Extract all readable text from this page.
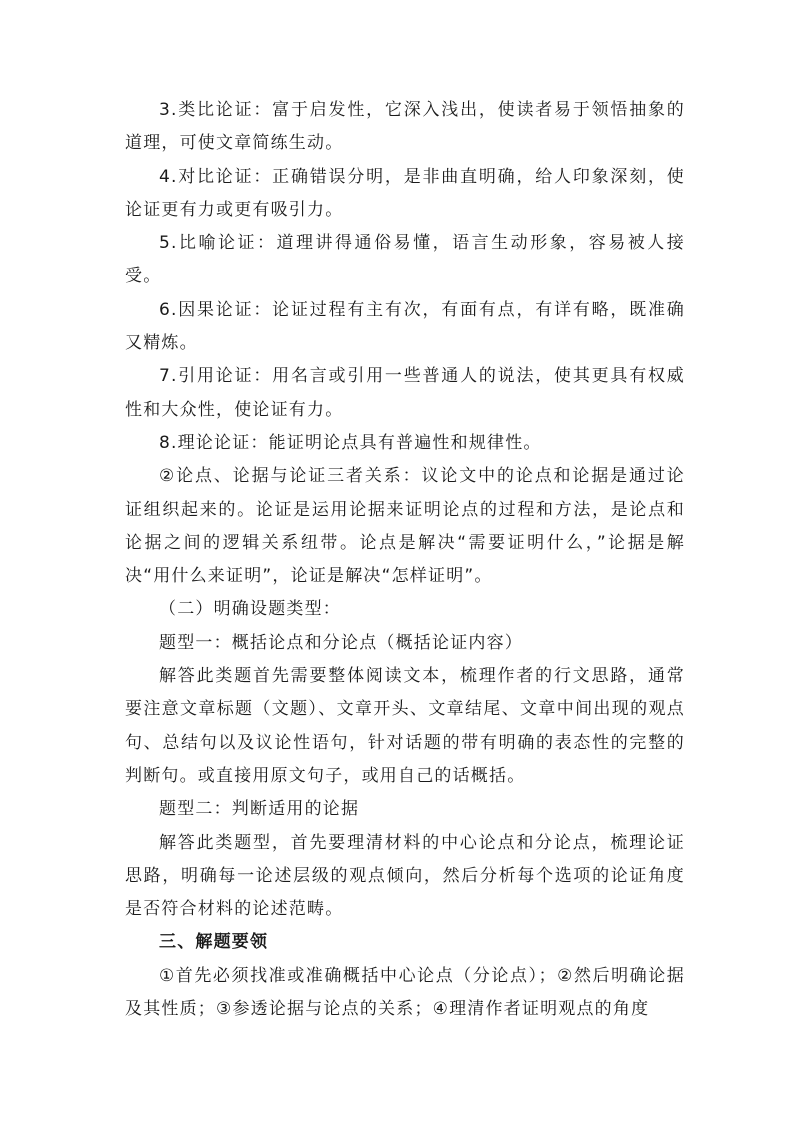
3.类比论证：富于启发性，它深入浅出，使读者易于领悟抽象的道理，可使文章简练生动。

4.对比论证：正确错误分明，是非曲直明确，给人印象深刻，使论证更有力或更有吸引力。

5.比喻论证：道理讲得通俗易懂，语言生动形象，容易被人接受。

6.因果论证：论证过程有主有次，有面有点，有详有略，既准确又精炼。

7.引用论证：用名言或引用一些普通人的说法，使其更具有权威性和大众性，使论证有力。

8.理论论证：能证明论点具有普遍性和规律性。

②论点、论据与论证三者关系：议论文中的论点和论据是通过论证组织起来的。论证是运用论据来证明论点的过程和方法，是论点和论据之间的逻辑关系纽带。论点是解决“需要证明什么，”论据是解决“用什么来证明”，论证是解决“怎样证明”。

（二）明确设题类型：

题型一：概括论点和分论点（概括论证内容）

解答此类题首先需要整体阅读文本，梳理作者的行文思路，通常要注意文章标题（文题）、文章开头、文章结尾、文章中间出现的观点句、总结句以及议论性语句，针对话题的带有明确的表态性的完整的判断句。或直接用原文句子，或用自己的话概括。

题型二：判断适用的论据

解答此类题型，首先要理清材料的中心论点和分论点，梳理论证思路，明确每一论述层级的观点倾向，然后分析每个选项的论证角度是否符合材料的论述范畴。

三、解题要领

①首先必须找准或准确概括中心论点（分论点）；②然后明确论据及其性质；③参透论据与论点的关系；④理清作者证明观点的角度
